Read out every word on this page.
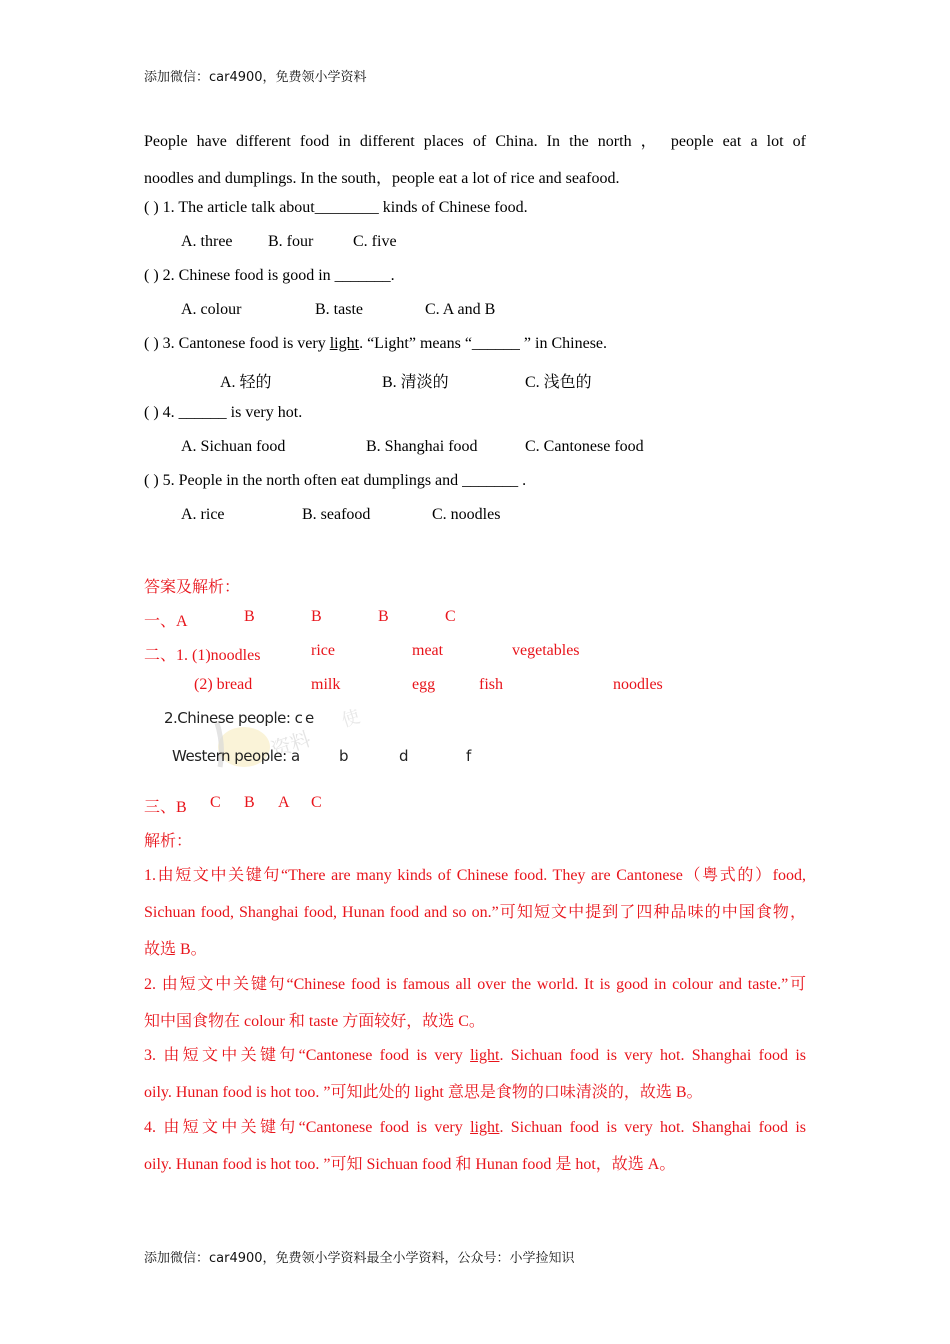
添加微信：car4900，免费领小学资料
People have different food in different places of China. In the north ， people eat a lot of
noodles and dumplings. In the south，people eat a lot of rice and seafood.
( ) 1. The article talk about________ kinds of Chinese food.
A. three B. four C. five
( ) 2. Chinese food is good in _______.
A. colour	B. taste	C. A and B
( ) 3. Cantonese food is very light. “Light” means “______ ” in Chinese.
A. 轻的	B. 清淡的	C. 浅色的
( ) 4. ______ is very hot.
A. Sichuan food	B. Shanghai food	C. Cantonese food
( ) 5. People in the north often eat dumplings and _______ .
A. rice	B. seafood	C. noodles
答案及解析：
一、A	B	B	B	C
二、1. (1)noodles	rice	meat	vegetables
(2) bread	milk	egg	fish	noodles
资料
使
2.Chinese people: c e
Western people: a	b	d	f
三、B C B A C
解析：
1.由短文中关键句“There are many kinds of Chinese food. They are Cantonese（粤式的）food,
Sichuan food, Shanghai food, Hunan food and so on.”可知短文中提到了四种品味的中国食物，
故选 B。
2. 由短文中关键句“Chinese food is famous all over the world. It is good in colour and taste.”可
知中国食物在 colour 和 taste 方面较好，故选 C。
3. 由短文中关键句“Cantonese food is very light. Sichuan food is very hot. Shanghai food is
oily. Hunan food is hot too. ”可知此处的 light 意思是食物的口味清淡的，故选 B。
4. 由短文中关键句“Cantonese food is very light. Sichuan food is very hot. Shanghai food is
oily. Hunan food is hot too. ”可知 Sichuan food 和 Hunan food 是 hot，故选 A。
添加微信：car4900，免费领小学资料最全小学资料，公众号：小学捡知识
